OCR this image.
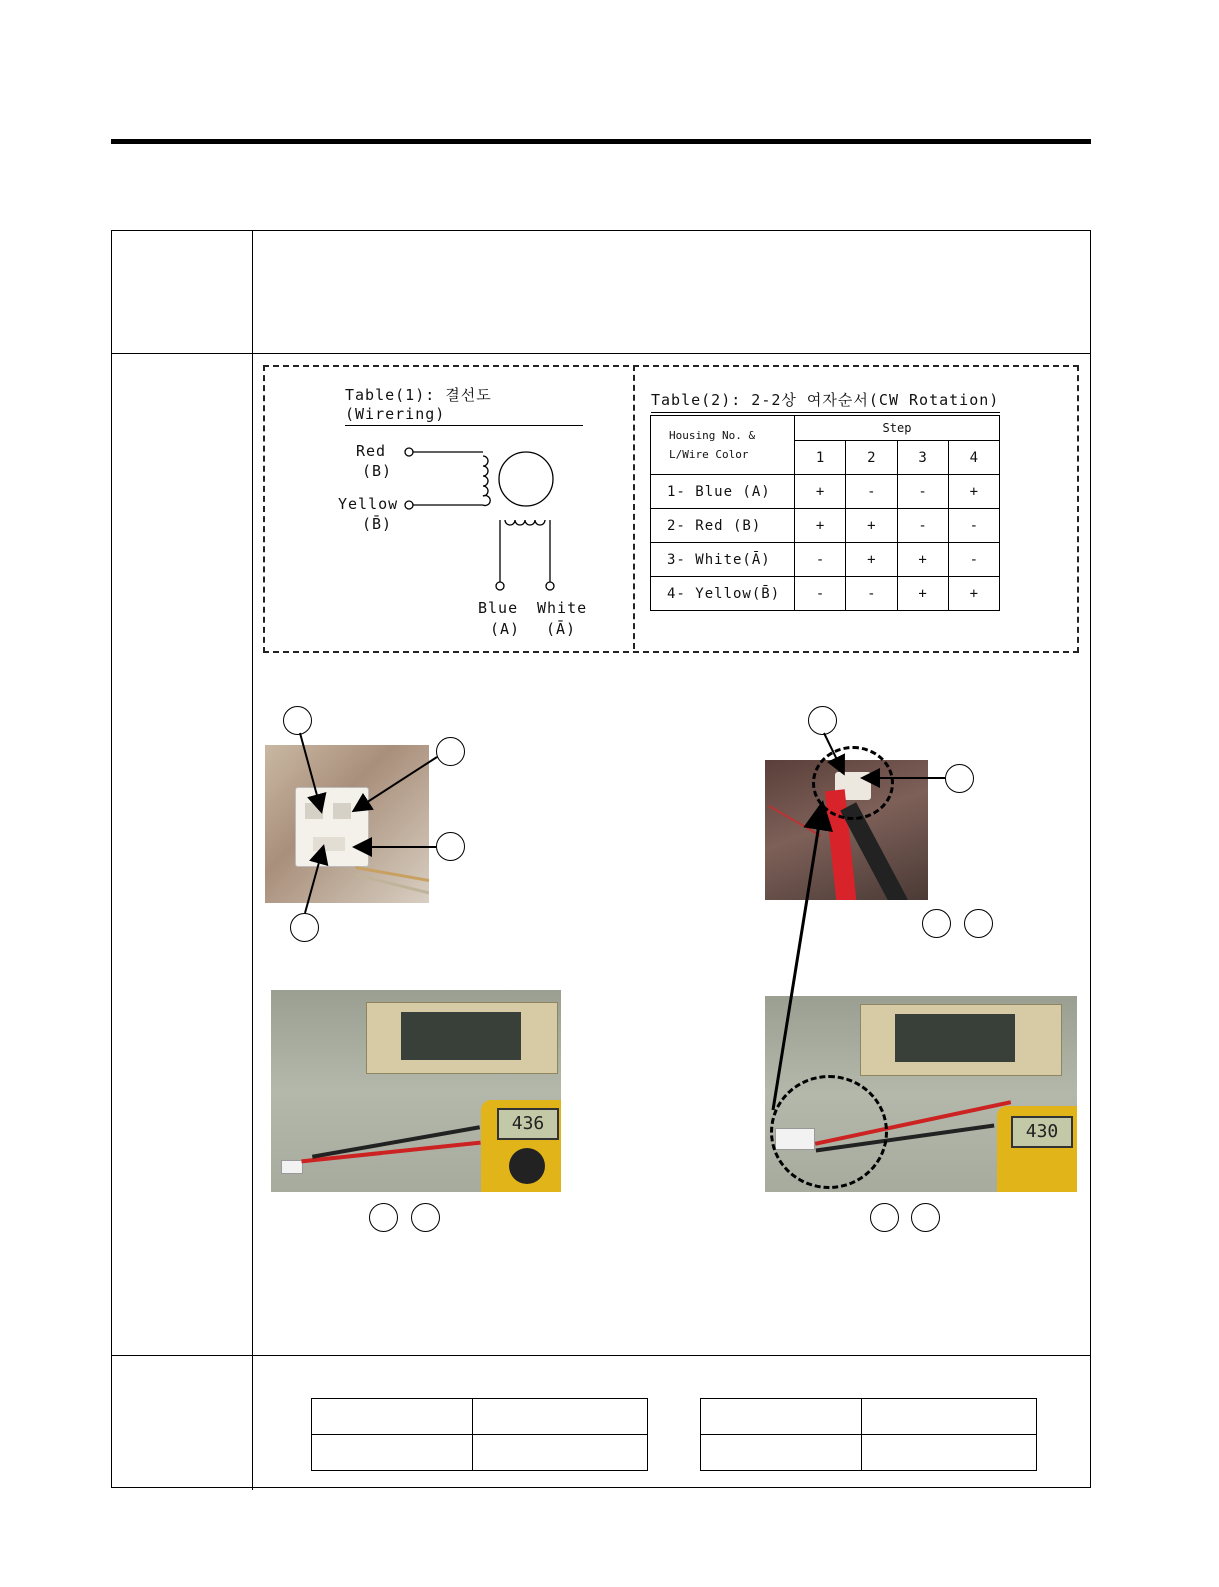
Table(1): 결선도(Wirering)
Red
(B)
Yellow
(B̄)
Blue
(A)
White
(Ā)
Table(2): 2-2상 여자순서(CW Rotation)
Housing No. &
L/Wire Color	Step			
	1	2	3	4
1- Blue (A)	+	-	-	+
2- Red (B)	+	+	-	-
3- White(Ā)	-	+	+	-
4- Yellow(B̄)	-	-	+	+
436	430
